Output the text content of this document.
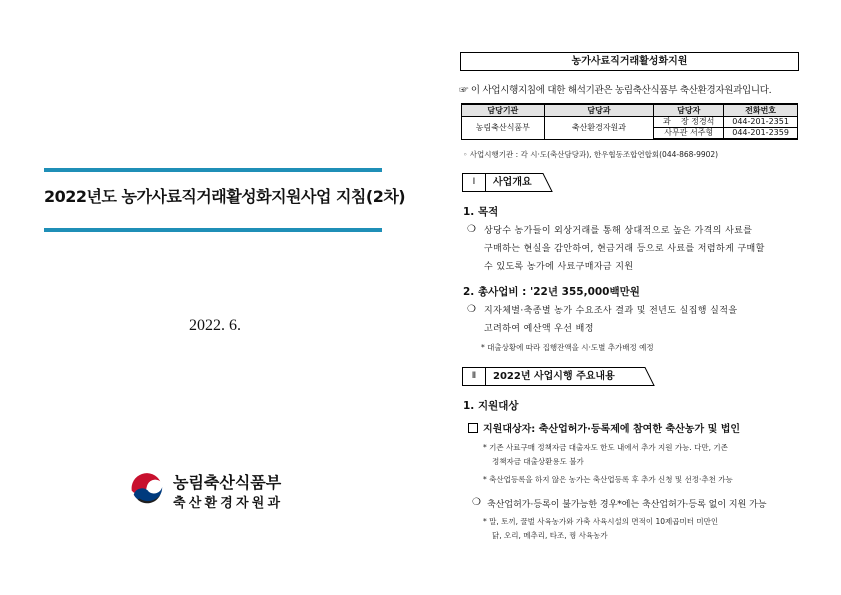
2022년도 농가사료직거래활성화지원사업 지침(2차)
2022. 6.
농림축산식품부
축산환경자원과
농가사료직거래활성화지원
☞ 이 사업시행지침에 대한 해석기관은 농림축산식품부 축산환경자원과입니다.
담당기관	담당과	담당자	전화번호
농림축산식품부	축산환경자원과	과    장 정경석	044-201-2351
		사무관 서주형	044-201-2359
◦ 사업시행기관 : 각 시·도(축산담당과), 한우협동조합연합회(044-868-9902)
Ⅰ	사업개요
1. 목적
❍ 상당수 농가들이 외상거래를 통해 상대적으로 높은 가격의 사료를
구매하는 현실을 감안하여, 현금거래 등으로 사료를 저렴하게 구매할
수 있도록 농가에 사료구매자금 지원
2. 총사업비 : '22년 355,000백만원
❍ 지자체별·축종별 농가 수요조사 결과 및 전년도 실집행 실적을
고려하여 예산액 우선 배정
* 대출상황에 따라 집행잔액을 시·도별 추가배정 예정
Ⅱ	2022년 사업시행 주요내용
1. 지원대상
지원대상자: 축산업허가·등록제에 참여한 축산농가 및 법인
* 기존 사료구매 정책자금 대출자도 한도 내에서 추가 지원 가능. 다만, 기존
정책자금 대출상환용도 불가
* 축산업등록을 하지 않은 농가는 축산업등록 후 추가 신청 및 선정·추천 가능
❍ 축산업허가·등록이 불가능한 경우*에는 축산업허가·등록 없이 지원 가능
* 말, 토끼, 꿀벌 사육농가와 가축 사육시설의 면적이 10제곱미터 미만인
닭, 오리, 메추리, 타조, 꿩 사육농가
